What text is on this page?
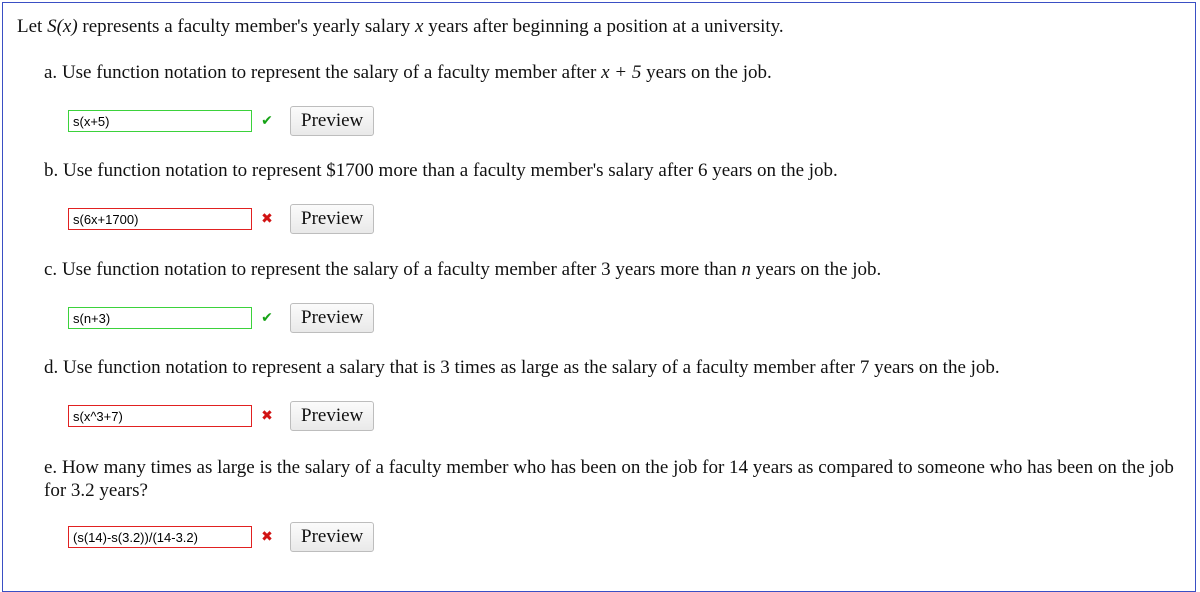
Let S(x) represents a faculty member's yearly salary x years after beginning a position at a university.
a. Use function notation to represent the salary of a faculty member after x + 5 years on the job.
s(x+5)
✔	Preview
b. Use function notation to represent $1700 more than a faculty member's salary after 6 years on the job.
s(6x+1700)
✖	Preview
c. Use function notation to represent the salary of a faculty member after 3 years more than n years on the job.
s(n+3)
✔	Preview
d. Use function notation to represent a salary that is 3 times as large as the salary of a faculty member after 7 years on the job.
s(x^3+7)
✖	Preview
e. How many times as large is the salary of a faculty member who has been on the job for 14 years as compared to someone who has been on the job for 3.2 years?
(s(14)-s(3.2))/(14-3.2)
✖	Preview
